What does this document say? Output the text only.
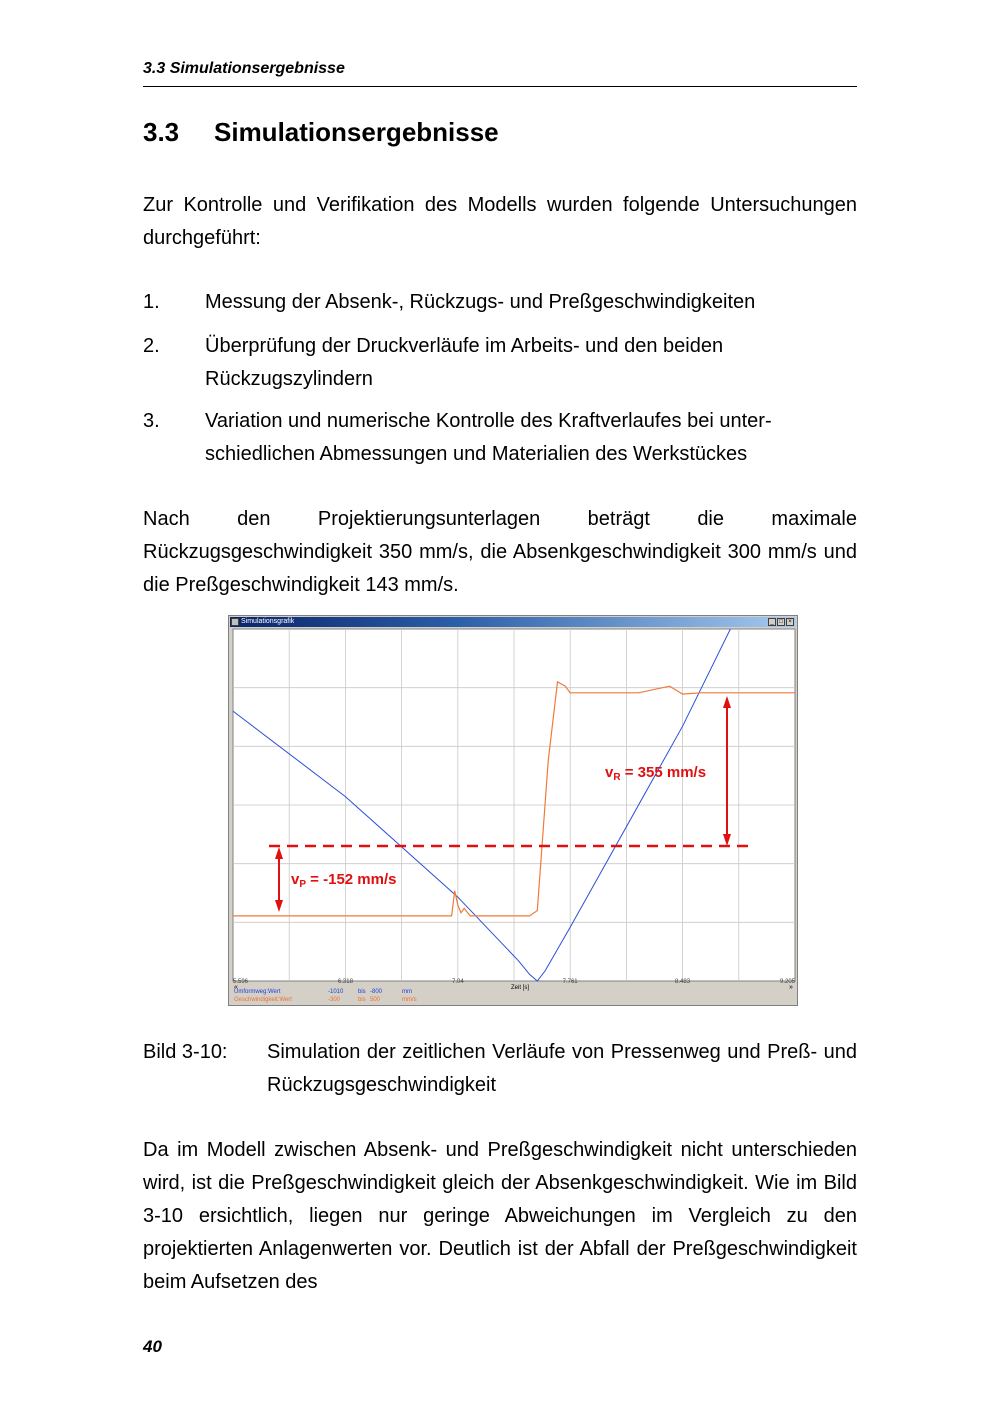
3.3 Simulationsergebnisse
3.3 Simulationsergebnisse

Zur Kontrolle und Verifikation des Modells wurden folgende Untersuchungen durchgeführt:

1. Messung der Absenk-, Rückzugs- und Preßgeschwindigkeiten
2. Überprüfung der Druckverläufe im Arbeits- und den beiden Rückzugszylindern
3. Variation und numerische Kontrolle des Kraftverlaufes bei unter-schiedlichen Abmessungen und Materialien des Werkstückes

Nach den Projektierungsunterlagen beträgt die maximale Rückzugsgeschwindigkeit 350 mm/s, die Absenkgeschwindigkeit 300 mm/s und die Preßgeschwindigkeit 143 mm/s.

Simulationsgrafik	_ □ ×
$v_R = 355$ mm/s
$v_P = -152$ mm/s
5.596	6.318	7.04	7.761	8.483	9.205
Zeit [s]
«	»
Umformweg:Wert	-1010 bis -800	mm
Geschwindigkeit:Wert	-300	bis 500	mm/s
Bild 3-10: Simulation der zeitlichen Verläufe von Pressenweg und Preß- und Rückzugsgeschwindigkeit

Da im Modell zwischen Absenk- und Preßgeschwindigkeit nicht unterschieden wird, ist die Preßgeschwindigkeit gleich der Absenkgeschwindigkeit. Wie im Bild 3-10 ersichtlich, liegen nur geringe Abweichungen im Vergleich zu den projektierten Anlagenwerten vor. Deutlich ist der Abfall der Preßgeschwindigkeit beim Aufsetzen des

40
